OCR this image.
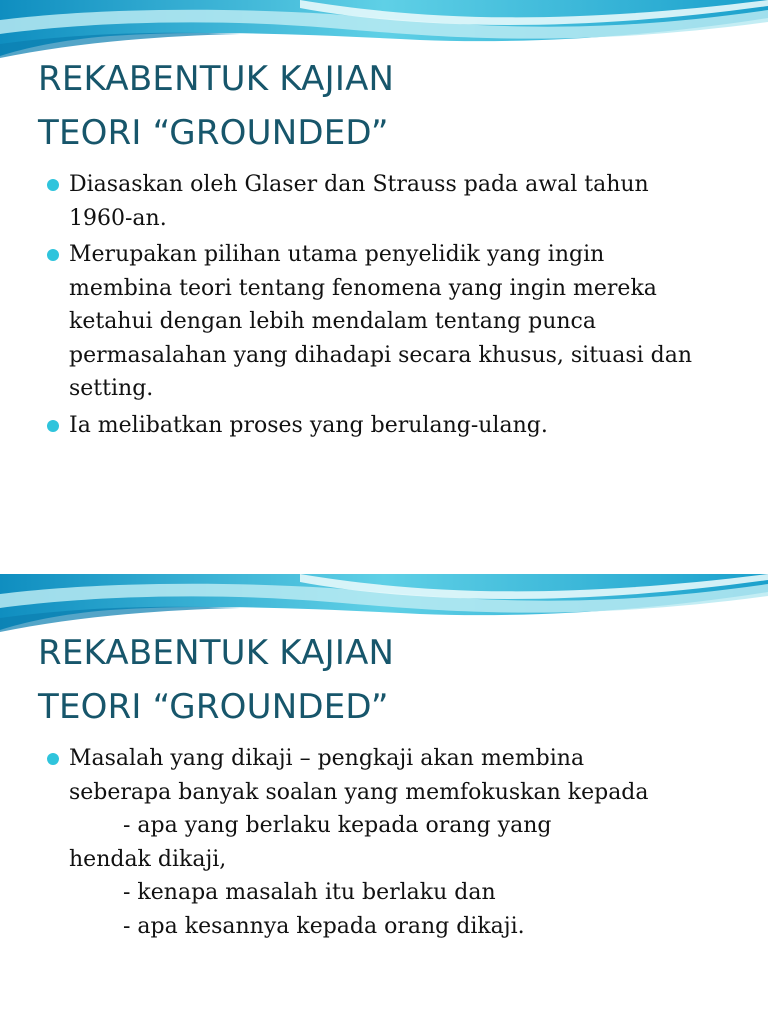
REKABENTUK KAJIAN
TEORI “GROUNDED”
Diasaskan oleh Glaser dan Strauss pada awal tahun 1960-an.
Merupakan pilihan utama penyelidik yang ingin membina teori tentang fenomena yang ingin mereka ketahui dengan lebih mendalam tentang punca permasalahan yang dihadapi secara khusus, situasi dan setting.
Ia melibatkan proses yang berulang-ulang.
REKABENTUK KAJIAN
TEORI “GROUNDED”
Masalah yang dikaji – pengkaji akan membina
seberapa banyak soalan yang memfokuskan kepada
- apa yang berlaku kepada orang yang
hendak dikaji,
- kenapa masalah itu berlaku dan
- apa kesannya kepada orang dikaji.
